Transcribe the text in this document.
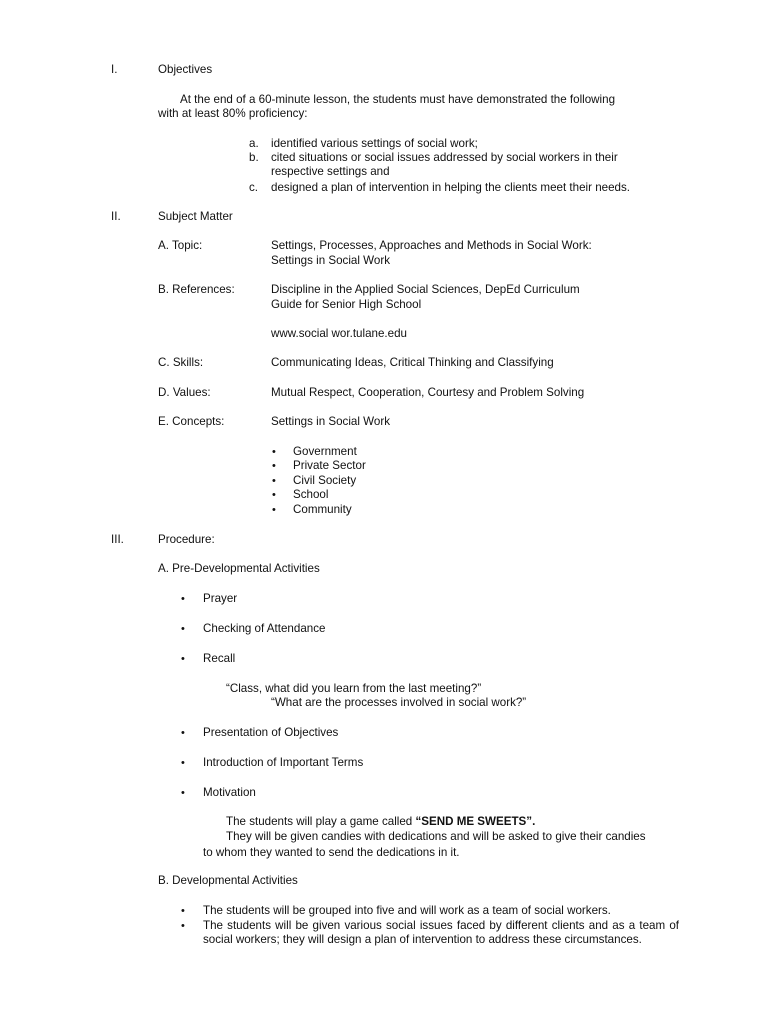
I.	Objectives
At the end of a 60-minute lesson, the students must have demonstrated the following
with at least 80% proficiency:
a. identified various settings of social work;
b. cited situations or social issues addressed by social workers in their
respective settings and
c. designed a plan of intervention in helping the clients meet their needs.
II.	Subject Matter
A. Topic:	Settings, Processes, Approaches and Methods in Social Work:
Settings in Social Work
B. References:	Discipline in the Applied Social Sciences, DepEd Curriculum
Guide for Senior High School
www.social wor.tulane.edu
C. Skills:	Communicating Ideas, Critical Thinking and Classifying
D. Values:	Mutual Respect, Cooperation, Courtesy and Problem Solving
E. Concepts:	Settings in Social Work
• Government
• Private Sector
• Civil Society
• School
• Community
III.	Procedure:
A. Pre-Developmental Activities
• Prayer
• Checking of Attendance
• Recall
“Class, what did you learn from the last meeting?”
“What are the processes involved in social work?”
• Presentation of Objectives
• Introduction of Important Terms
• Motivation
The students will play a game called “SEND ME SWEETS”.
They will be given candies with dedications and will be asked to give their candies
to whom they wanted to send the dedications in it.
B. Developmental Activities
• The students will be grouped into five and will work as a team of social workers.
• The students will be given various social issues faced by different clients and as a team of social workers; they will design a plan of intervention to address these circumstances.
